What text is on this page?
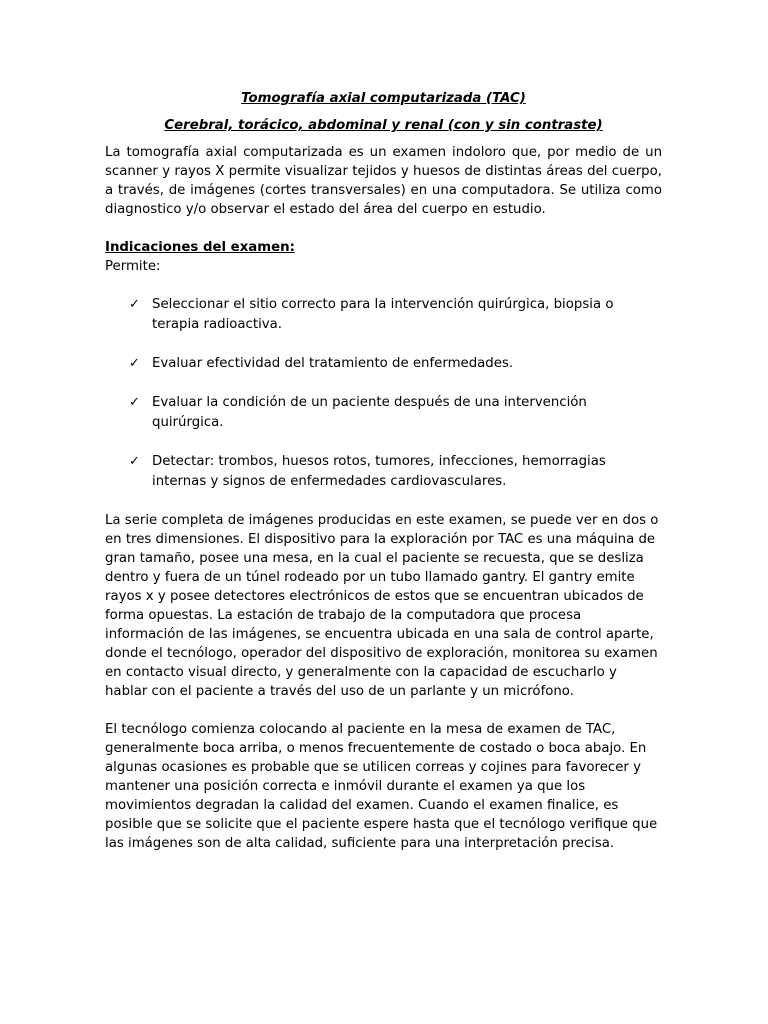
Tomografía axial computarizada (TAC)

Cerebral, torácico, abdominal y renal (con y sin contraste)

La tomografía axial computarizada es un examen indoloro que, por medio de un scanner y rayos X permite visualizar tejidos y huesos de distintas áreas del cuerpo, a través, de imágenes (cortes transversales) en una computadora. Se utiliza como diagnostico y/o observar el estado del área del cuerpo en estudio.

Indicaciones del examen:

Permite:

✓ Seleccionar el sitio correcto para la intervención quirúrgica, biopsia o terapia radioactiva.
✓ Evaluar efectividad del tratamiento de enfermedades.
✓ Evaluar la condición de un paciente después de una intervención quirúrgica.
✓ Detectar: trombos, huesos rotos, tumores, infecciones, hemorragias internas y signos de enfermedades cardiovasculares.

La serie completa de imágenes producidas en este examen, se puede ver en dos o en tres dimensiones. El dispositivo para la exploración por TAC es una máquina de gran tamaño, posee una mesa, en la cual el paciente se recuesta, que se desliza dentro y fuera de un túnel rodeado por un tubo llamado gantry. El gantry emite rayos x y posee detectores electrónicos de estos que se encuentran ubicados de forma opuestas. La estación de trabajo de la computadora que procesa información de las imágenes, se encuentra ubicada en una sala de control aparte, donde el tecnólogo, operador del dispositivo de exploración, monitorea su examen en contacto visual directo, y generalmente con la capacidad de escucharlo y hablar con el paciente a través del uso de un parlante y un micrófono.

El tecnólogo comienza colocando al paciente en la mesa de examen de TAC, generalmente boca arriba, o menos frecuentemente de costado o boca abajo. En algunas ocasiones es probable que se utilicen correas y cojines para favorecer y mantener una posición correcta e inmóvil durante el examen ya que los movimientos degradan la calidad del examen. Cuando el examen finalice, es posible que se solicite que el paciente espere hasta que el tecnólogo verifique que las imágenes son de alta calidad, suficiente para una interpretación precisa.
